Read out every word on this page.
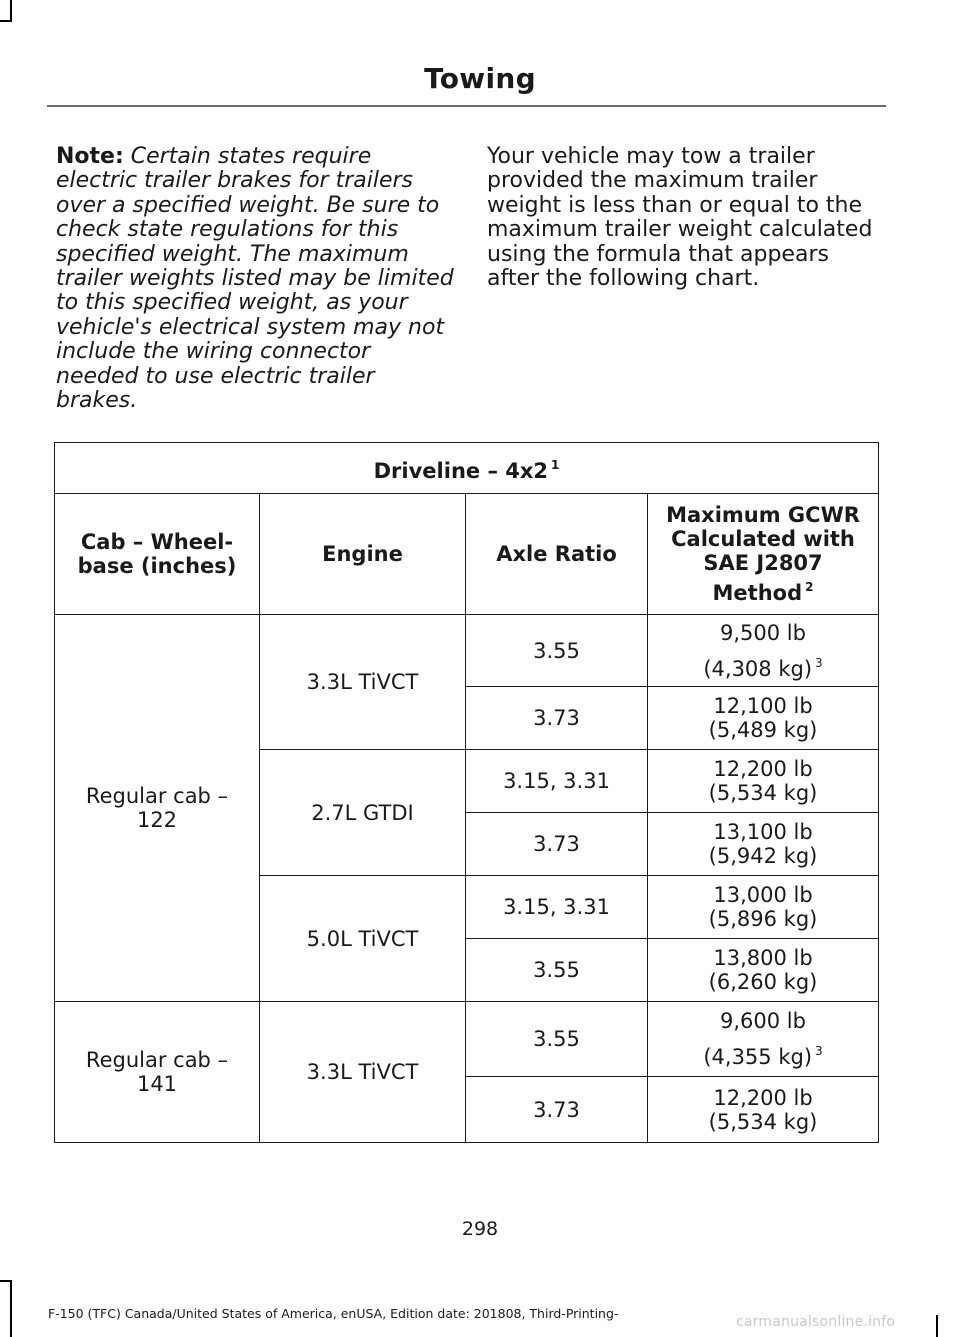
Towing
Note: Certain states require electric trailer brakes for trailers over a specified weight. Be sure to check state regulations for this specified weight. The maximum trailer weights listed may be limited to this specified weight, as your vehicle's electrical system may not include the wiring connector needed to use electric trailer brakes.
Your vehicle may tow a trailer provided the maximum trailer weight is less than or equal to the maximum trailer weight calculated using the formula that appears after the following chart.
Driveline – 4x2 $^1$
Cab – Wheel-base (inches)	Engine	Axle Ratio	Maximum GCWR Calculated with SAE J2807 Method $^2$
Regular cab – 122	3.3L TiVCT	3.55	9,500 lb
(4,308 kg) $^3$

		3.73	12,100 lb
(5,489 kg)

	2.7L GTDI	3.15, 3.31	12,200 lb
(5,534 kg)

		3.73	13,100 lb
(5,942 kg)

	5.0L TiVCT	3.15, 3.31	13,000 lb
(5,896 kg)

		3.55	13,800 lb
(6,260 kg)

Regular cab – 141	3.3L TiVCT	3.55	9,600 lb
(4,355 kg) $^3$

		3.73	12,200 lb
(5,534 kg)
298
F-150 (TFC) Canada/United States of America, enUSA, Edition date: 201808, Third-Printing-
carmanualsonline.info
